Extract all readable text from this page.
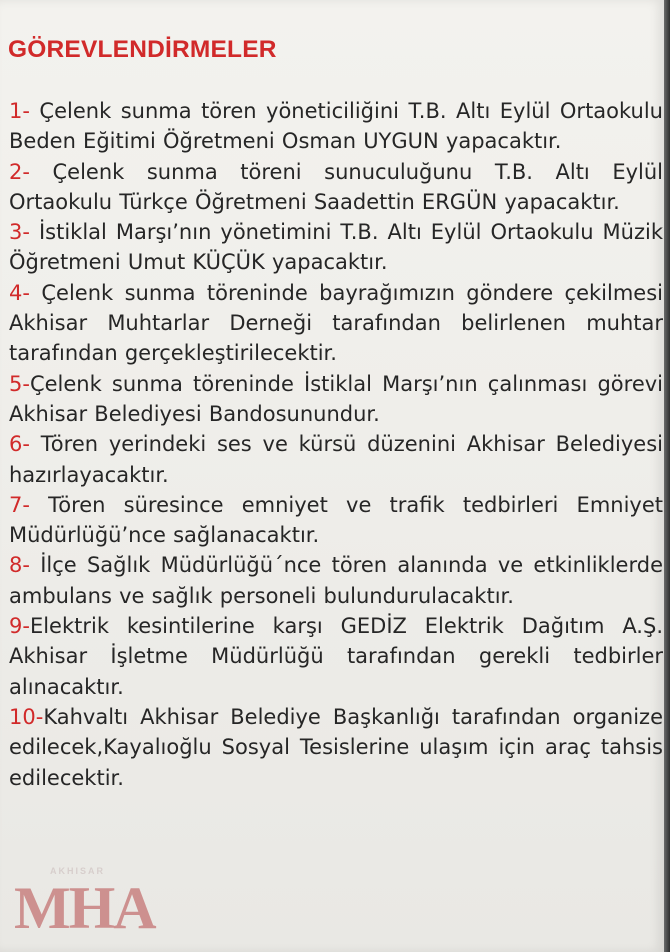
GÖREVLENDİRMELER

1- Çelenk sunma tören yöneticiliğini T.B. Altı Eylül Ortaokulu Beden Eğitimi Öğretmeni Osman UYGUN yapacaktır.

2- Çelenk sunma töreni sunuculuğunu T.B. Altı Eylül Ortaokulu Türkçe Öğretmeni Saadettin ERGÜN yapacaktır.

3- İstiklal Marşı’nın yönetimini T.B. Altı Eylül Ortaokulu Müzik Öğretmeni Umut KÜÇÜK yapacaktır.

4- Çelenk sunma töreninde bayrağımızın göndere çekilmesi Akhisar Muhtarlar Derneği tarafından belirlenen muhtar tarafından gerçekleştirilecektir.

5-Çelenk sunma töreninde İstiklal Marşı’nın çalınması görevi Akhisar Belediyesi Bandosunundur.

6- Tören yerindeki ses ve kürsü düzenini Akhisar Belediyesi hazırlayacaktır.

7- Tören süresince emniyet ve trafik tedbirleri Emniyet Müdürlüğü’nce sağlanacaktır.

8- İlçe Sağlık Müdürlüğü´nce tören alanında ve etkinliklerde ambulans ve sağlık personeli bulundurulacaktır.

9-Elektrik kesintilerine karşı GEDİZ Elektrik Dağıtım A.Ş. Akhisar İşletme Müdürlüğü tarafından gerekli tedbirler alınacaktır.

10-Kahvaltı Akhisar Belediye Başkanlığı tarafından organize edilecek,Kayalıoğlu Sosyal Tesislerine ulaşım için araç tahsis edilecektir.

AKHISAR
MHA
